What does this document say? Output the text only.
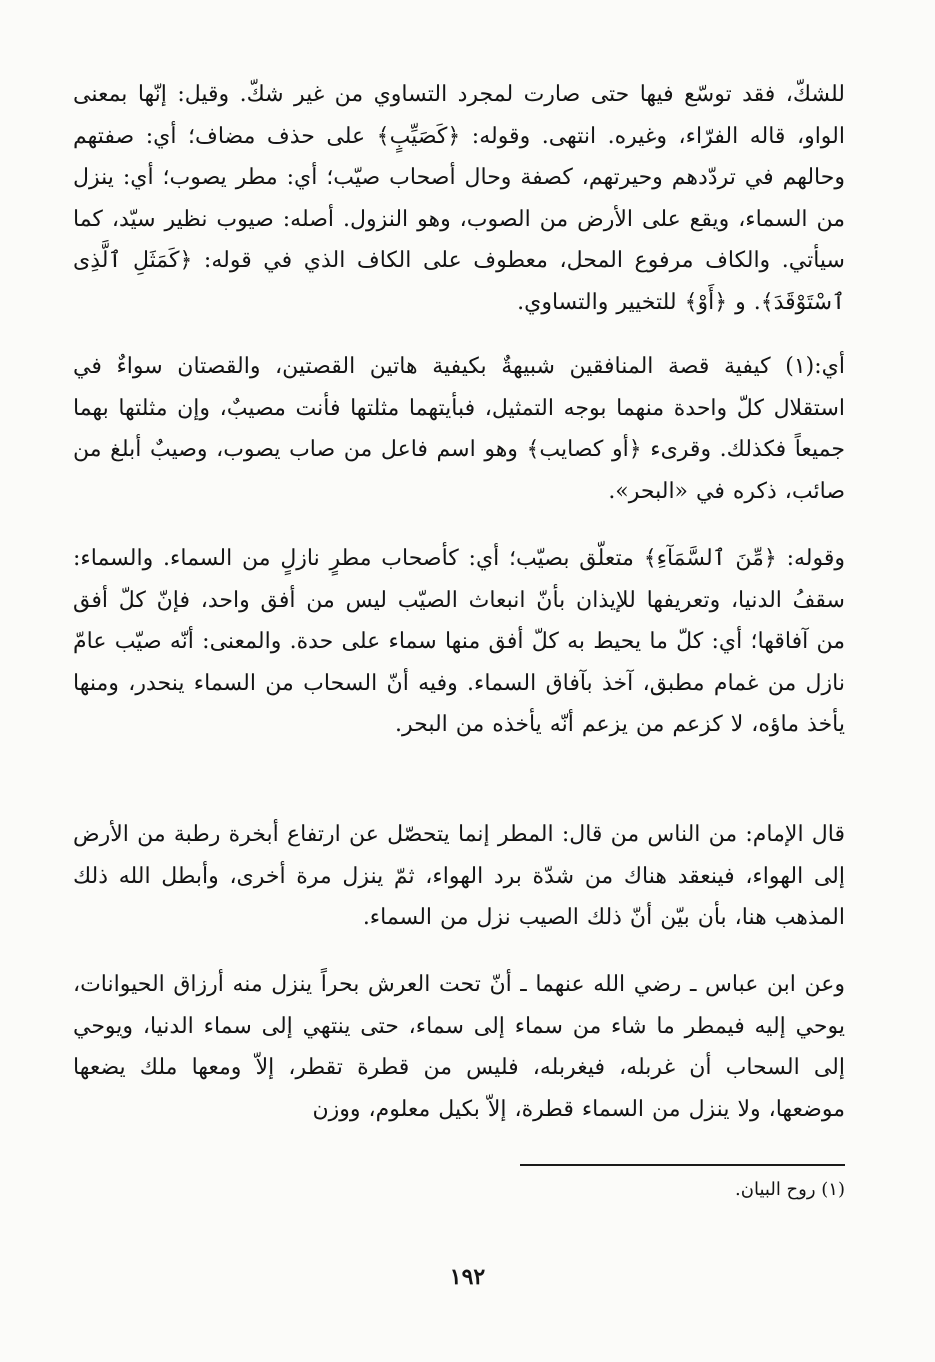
للشكّ، فقد توسّع فيها حتى صارت لمجرد التساوي من غير شكّ. وقيل: إنّها بمعنى الواو، قاله الفرّاء، وغيره. انتهى. وقوله: ﴿كَصَيِّبٍ﴾ على حذف مضاف؛ أي: صفتهم وحالهم في تردّدهم وحيرتهم، كصفة وحال أصحاب صيّب؛ أي: مطر يصوب؛ أي: ينزل من السماء، ويقع على الأرض من الصوب، وهو النزول. أصله: صيوب نظير سيّد، كما سيأتي. والكاف مرفوع المحل، معطوف على الكاف الذي في قوله: ﴿كَمَثَلِ ٱلَّذِى ٱسْتَوْقَدَ﴾. و ﴿أَوْ﴾ للتخيير والتساوي.

أي:(١) كيفية قصة المنافقين شبيهةٌ بكيفية هاتين القصتين، والقصتان سواءٌ في استقلال كلّ واحدة منهما بوجه التمثيل، فبأيتهما مثلتها فأنت مصيبٌ، وإن مثلتها بهما جميعاً فكذلك. وقرىء ﴿أو كصايب﴾ وهو اسم فاعل من صاب يصوب، وصيبٌ أبلغ من صائب، ذكره في «البحر».

وقوله: ﴿مِّنَ ٱلسَّمَآءِ﴾ متعلّق بصيّب؛ أي: كأصحاب مطرٍ نازلٍ من السماء. والسماء: سقفُ الدنيا، وتعريفها للإيذان بأنّ انبعاث الصيّب ليس من أفق واحد، فإنّ كلّ أفق من آفاقها؛ أي: كلّ ما يحيط به كلّ أفق منها سماء على حدة. والمعنى: أنّه صيّب عامّ نازل من غمام مطبق، آخذ بآفاق السماء. وفيه أنّ السحاب من السماء ينحدر، ومنها يأخذ ماؤه، لا كزعم من يزعم أنّه يأخذه من البحر.

قال الإمام: من الناس من قال: المطر إنما يتحصّل عن ارتفاع أبخرة رطبة من الأرض إلى الهواء، فينعقد هناك من شدّة برد الهواء، ثمّ ينزل مرة أخرى، وأبطل الله ذلك المذهب هنا، بأن بيّن أنّ ذلك الصيب نزل من السماء.

وعن ابن عباس ـ رضي الله عنهما ـ أنّ تحت العرش بحراً ينزل منه أرزاق الحيوانات، يوحي إليه فيمطر ما شاء من سماء إلى سماء، حتى ينتهي إلى سماء الدنيا، ويوحي إلى السحاب أن غربله، فيغربله، فليس من قطرة تقطر، إلاّ ومعها ملك يضعها موضعها، ولا ينزل من السماء قطرة، إلاّ بكيل معلوم، ووزن

(١) روح البيان.
١٩٢
